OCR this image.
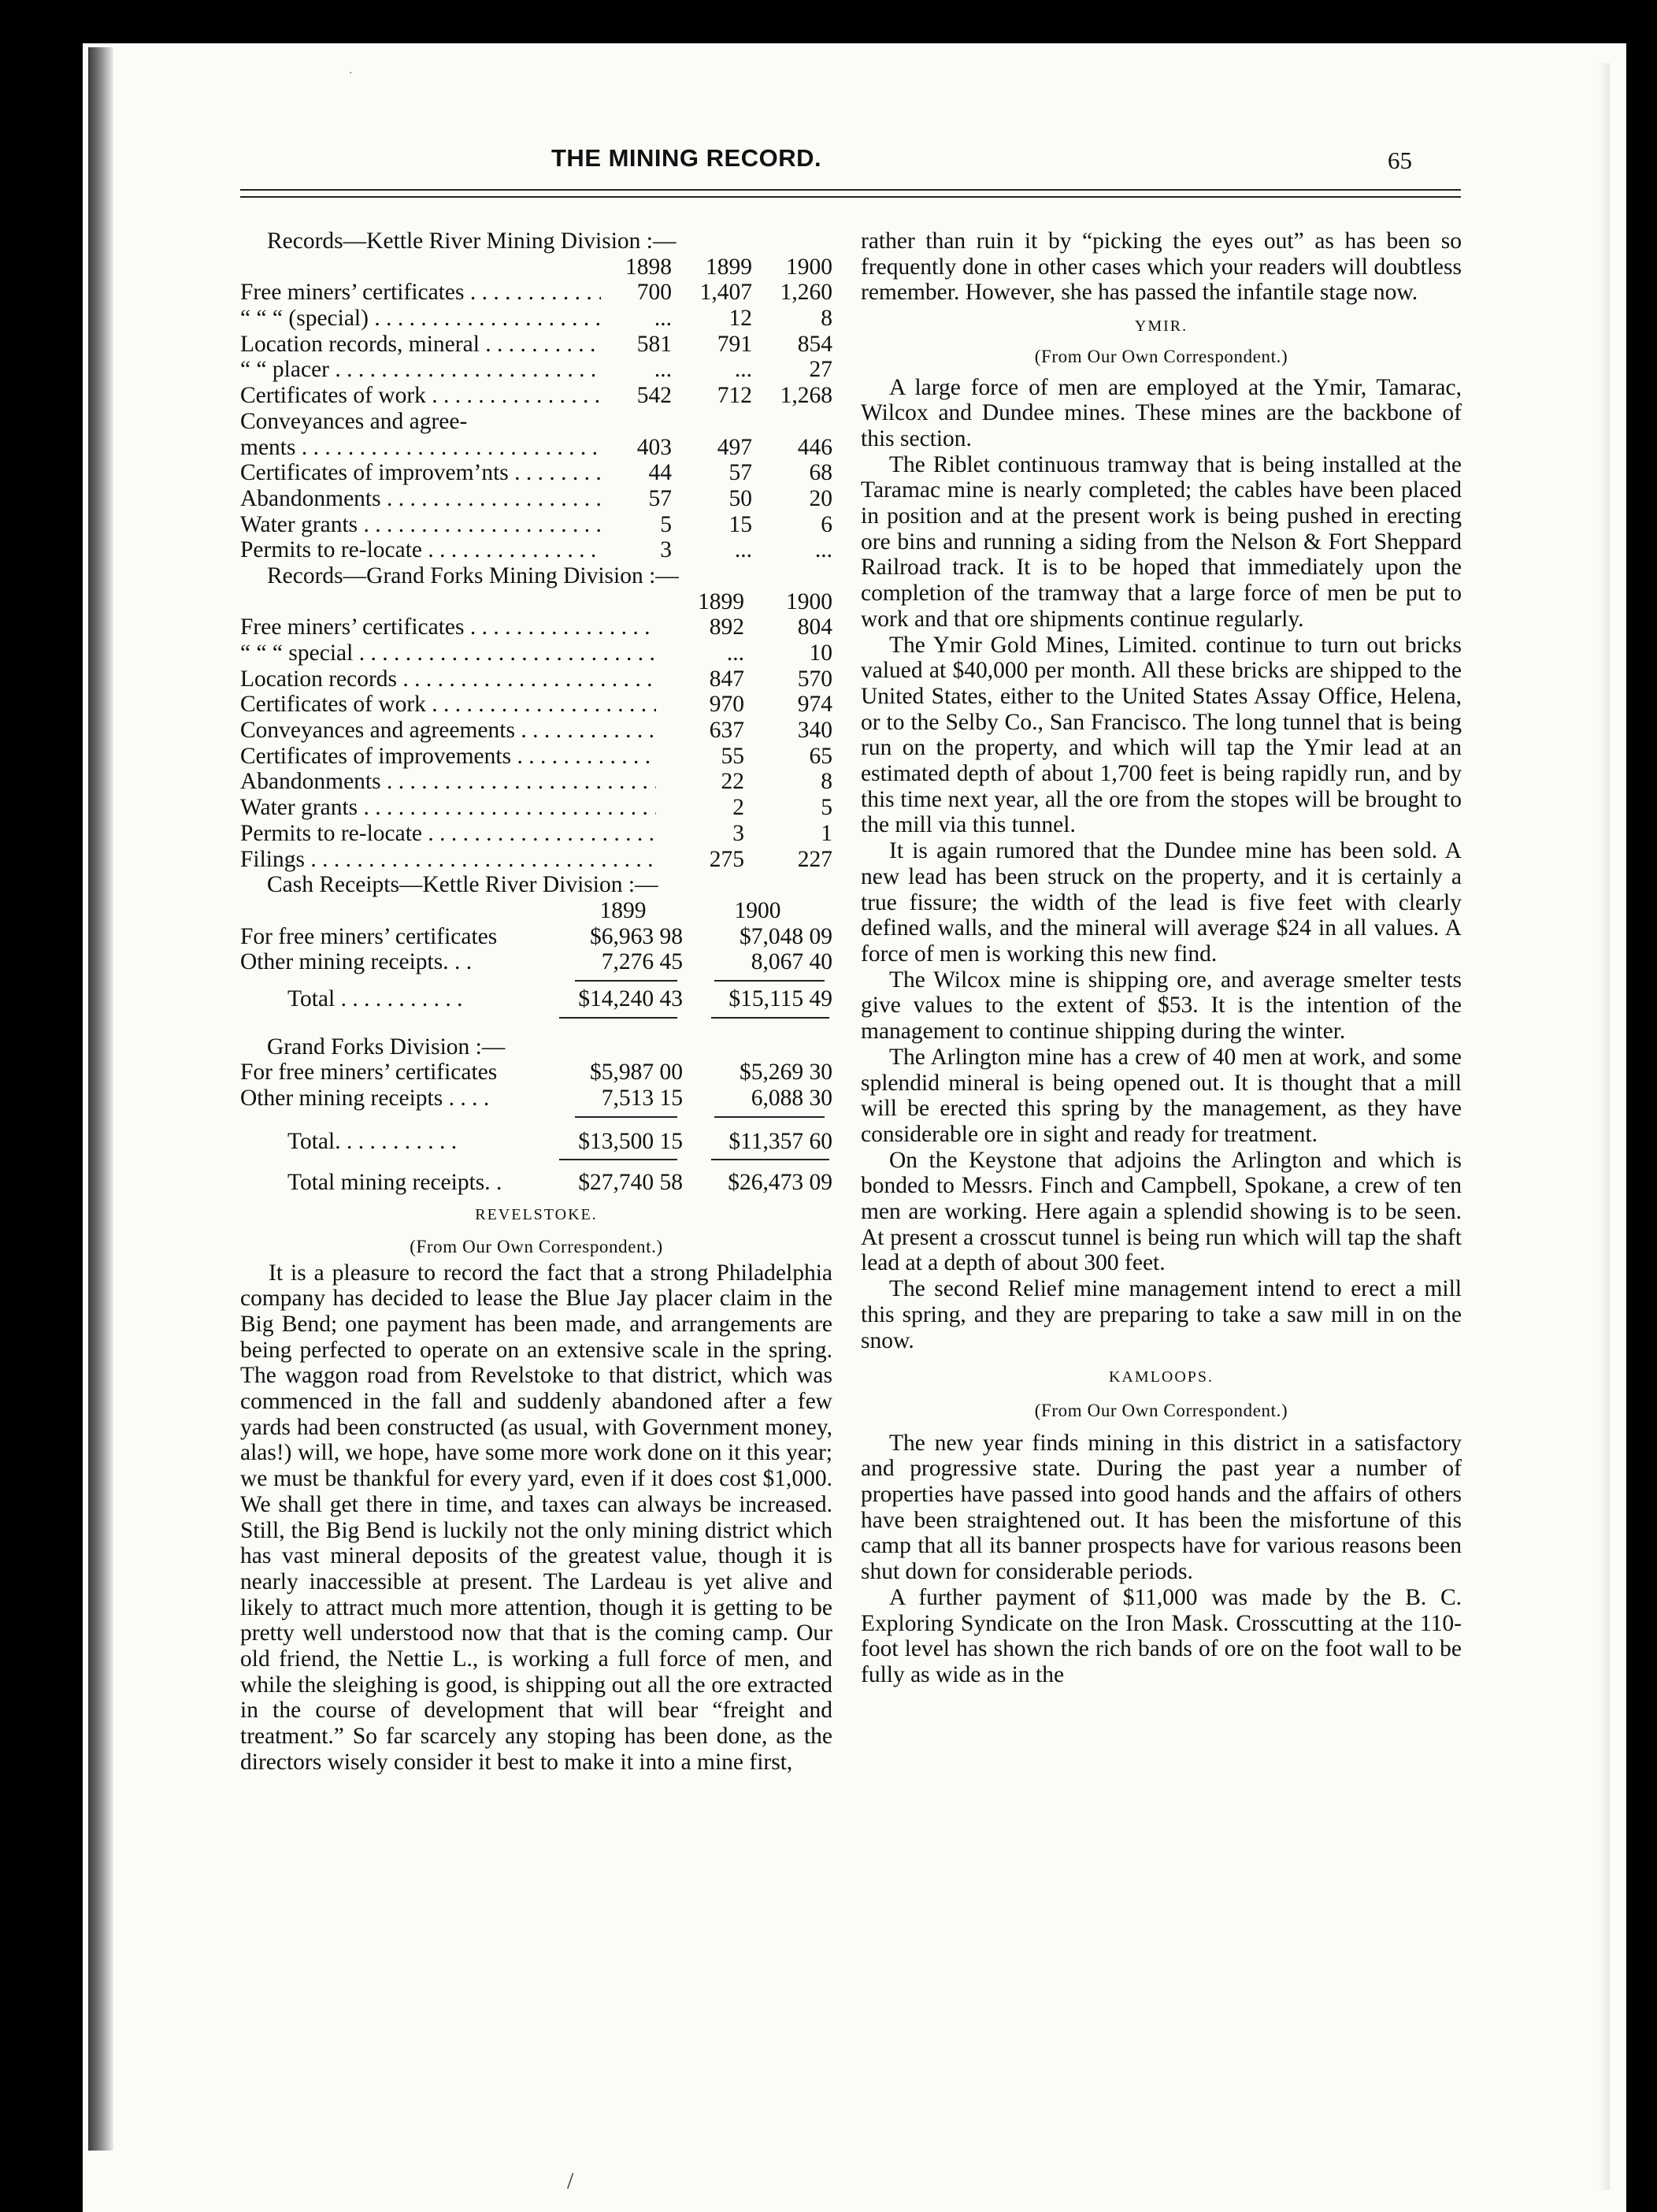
·
/
THE MINING RECORD.	65
Records—Kettle River Mining Division :—
1898	1899	1900
Free miners’ certificates . . .	700	1,407	1,260
“ “ “ (special) . . .	...	12	8
Location records, mineral . . .	581	791	854
“ “ placer . . .	...	...	27
Certificates of work . . .	542	712	1,268
Conveyances and agree-
ments . . .	403	497	446
Certificates of improvem’nts . . .	44	57	68
Abandonments . . .	57	50	20
Water grants . . .	5	15	6
Permits to re-locate . . .	3	...	...
Records—Grand Forks Mining Division :—
1899	1900
Free miners’ certificates . . .	892	804
“ “ “ special . . .	...	10
Location records . . .	847	570
Certificates of work . . .	970	974
Conveyances and agreements . . .	637	340
Certificates of improvements . . .	55	65
Abandonments . . .	22	8
Water grants . . .	2	5
Permits to re-locate . . .	3	1
Filings . . .	275	227
Cash Receipts—Kettle River Division :—
1899	1900
For free miners’ certificates	$6,963 98	$7,048 09
Other mining receipts. . .	7,276 45	8,067 40
Total . . . . . . . . . . .	$14,240 43	$15,115 49
Grand Forks Division :—
For free miners’ certificates	$5,987 00	$5,269 30
Other mining receipts . . . .	7,513 15	6,088 30
Total. . . . . . . . . . .	$13,500 15	$11,357 60
Total mining receipts. .	$27,740 58	$26,473 09

REVELSTOKE.

(From Our Own Correspondent.)

It is a pleasure to record the fact that a strong Philadelphia company has decided to lease the Blue Jay placer claim in the Big Bend; one payment has been made, and arrangements are being perfected to operate on an extensive scale in the spring. The waggon road from Revelstoke to that district, which was commenced in the fall and suddenly abandoned after a few yards had been constructed (as usual, with Government money, alas!) will, we hope, have some more work done on it this year; we must be thankful for every yard, even if it does cost $1,000. We shall get there in time, and taxes can always be increased. Still, the Big Bend is luckily not the only mining district which has vast mineral deposits of the greatest value, though it is nearly inaccessible at present. The Lardeau is yet alive and likely to attract much more attention, though it is getting to be pretty well understood now that that is the coming camp. Our old friend, the Nettie L., is working a full force of men, and while the sleighing is good, is shipping out all the ore extracted in the course of development that will bear “freight and treatment.” So far scarcely any stoping has been done, as the directors wisely consider it best to make it into a mine first,

rather than ruin it by “picking the eyes out” as has been so frequently done in other cases which your readers will doubtless remember. However, she has passed the infantile stage now.

YMIR.

(From Our Own Correspondent.)

A large force of men are employed at the Ymir, Tamarac, Wilcox and Dundee mines. These mines are the backbone of this section.

The Riblet continuous tramway that is being installed at the Taramac mine is nearly completed; the cables have been placed in position and at the present work is being pushed in erecting ore bins and running a siding from the Nelson & Fort Sheppard Railroad track. It is to be hoped that immediately upon the completion of the tramway that a large force of men be put to work and that ore shipments continue regularly.

The Ymir Gold Mines, Limited. continue to turn out bricks valued at $40,000 per month. All these bricks are shipped to the United States, either to the United States Assay Office, Helena, or to the Selby Co., San Francisco. The long tunnel that is being run on the property, and which will tap the Ymir lead at an estimated depth of about 1,700 feet is being rapidly run, and by this time next year, all the ore from the stopes will be brought to the mill via this tunnel.

It is again rumored that the Dundee mine has been sold. A new lead has been struck on the property, and it is certainly a true fissure; the width of the lead is five feet with clearly defined walls, and the mineral will average $24 in all values. A force of men is working this new find.

The Wilcox mine is shipping ore, and average smelter tests give values to the extent of $53. It is the intention of the management to continue shipping during the winter.

The Arlington mine has a crew of 40 men at work, and some splendid mineral is being opened out. It is thought that a mill will be erected this spring by the management, as they have considerable ore in sight and ready for treatment.

On the Keystone that adjoins the Arlington and which is bonded to Messrs. Finch and Campbell, Spokane, a crew of ten men are working. Here again a splendid showing is to be seen. At present a crosscut tunnel is being run which will tap the shaft lead at a depth of about 300 feet.

The second Relief mine management intend to erect a mill this spring, and they are preparing to take a saw mill in on the snow.

KAMLOOPS.

(From Our Own Correspondent.)

The new year finds mining in this district in a satisfactory and progressive state. During the past year a number of properties have passed into good hands and the affairs of others have been straightened out. It has been the misfortune of this camp that all its banner prospects have for various reasons been shut down for considerable periods.

A further payment of $11,000 was made by the B. C. Exploring Syndicate on the Iron Mask. Crosscutting at the 110-foot level has shown the rich bands of ore on the foot wall to be fully as wide as in the
